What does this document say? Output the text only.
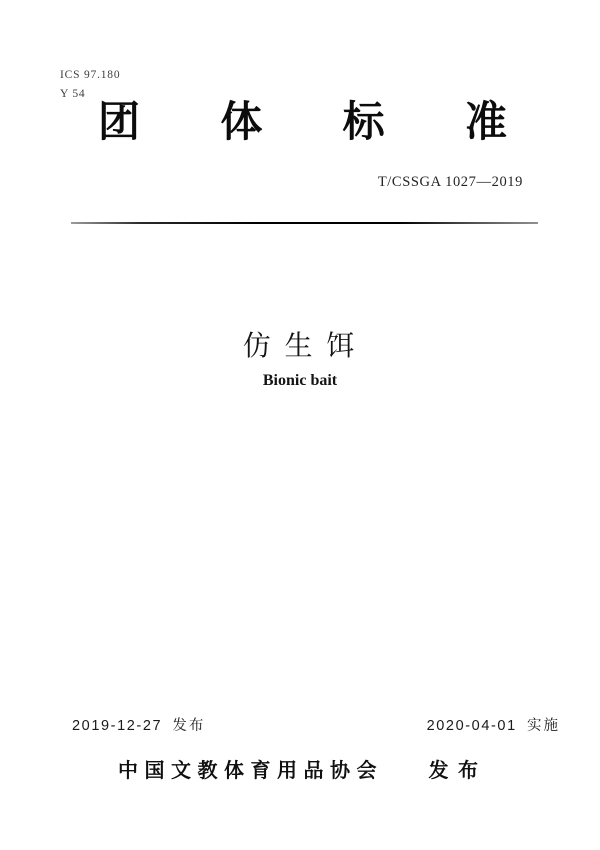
ICS 97.180
Y 54
团 体 标 准
T/CSSGA 1027—2019
仿 生 饵
Bionic bait
2019-12-27 发布	2020-04-01 实施
中国文教体育用品协会 发 布
